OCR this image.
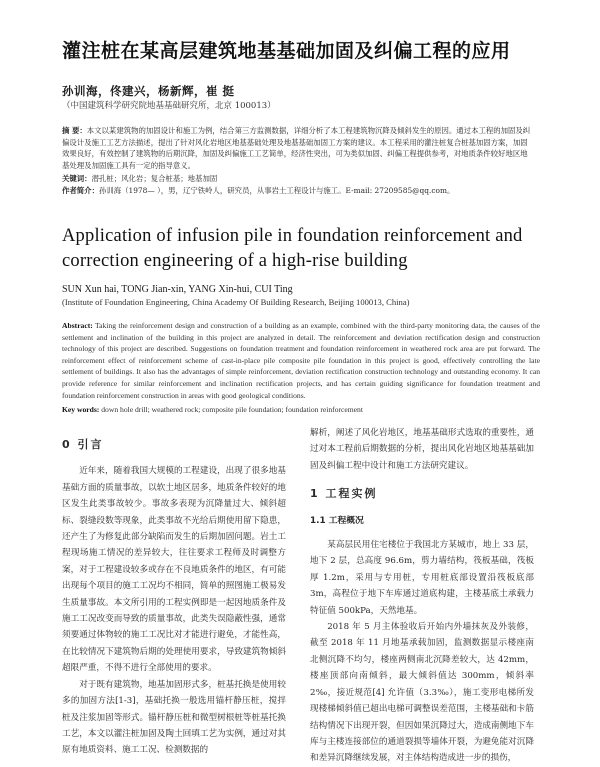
灌注桩在某高层建筑地基基础加固及纠偏工程的应用
孙训海，佟建兴，杨新辉，崔 挺
（中国建筑科学研究院地基基础研究所，北京 100013）
摘 要：本文以某建筑物的加固设计和施工为例，结合第三方监测数据，详细分析了本工程建筑物沉降及倾斜发生的原因。通过本工程的加固及纠偏设计及施工工艺方法描述，提出了针对风化岩地区地基基础处理及地基基础加固工方案的建议。本工程采用的灌注桩复合桩基加固方案，加固效果良好，有效控制了建筑物的后期沉降，加固及纠偏施工工艺简单，经济性突出，可为类似加固、纠偏工程提供参考，对地质条件较好地区地基处理及加固施工具有一定的指导意义。
关键词：潜孔桩；风化岩；复合桩基；地基加固
作者简介：孙训海（1978— ），男，辽宁铁岭人，研究员，从事岩土工程设计与施工。E-mail: 27209585@qq.com。
Application of infusion pile in foundation reinforcement and correction engineering of a high-rise building
SUN Xun hai, TONG Jian-xin, YANG Xin-hui, CUI Ting
(Institute of Foundation Engineering, China Academy Of Building Research, Beijing 100013, China)
Abstract: Taking the reinforcement design and construction of a building as an example, combined with the third-party monitoring data, the causes of the settlement and inclination of the building in this project are analyzed in detail. The reinforcement and deviation rectification design and construction technology of this project are described. Suggestions on foundation treatment and foundation reinforcement in weathered rock area are put forward. The reinforcement effect of reinforcement scheme of cast-in-place pile composite pile foundation in this project is good, effectively controlling the late settlement of buildings. It also has the advantages of simple reinforcement, deviation rectification construction technology and outstanding economy. It can provide reference for similar reinforcement and inclination rectification projects, and has certain guiding significance for foundation treatment and foundation reinforcement construction in areas with good geological conditions.
Key words: down hole drill; weathered rock; composite pile foundation; foundation reinforcement
0 引言

近年来，随着我国大规模的工程建设，出现了很多地基基础方面的质量事故，以软土地区居多，地质条件较好的地区发生此类事故较少。事故多表现为沉降量过大、倾斜超标、裂缝段数等现象，此类事故不光给后期使用留下隐患，还产生了为修复此部分缺陷而发生的后期加固问题。岩土工程现场施工情况的差异较大，往往要求工程师及时调整方案，对于工程建设较多或存在不良地质条件的地区，有可能出现每个项目的施工工况均不相同，简单的照图施工极易发生质量事故。本文所引用的工程实例即是一起因地质条件及施工工况改变而导致的质量事故，此类失误隐蔽性强，通常须要通过体物较的施工工况比对才能进行避免，才能性高，在比较情况下建筑物后期的处理使用要求，导致建筑物倾斜超限严重，不得不进行全部使用的要求。

对于既有建筑物，地基加固形式多，桩基托换是使用较多的加固方法[1-3]，基础托换一般选用锚杆静压桩，搅拌桩及注浆加固等形式。锚杆静压桩和微型树根桩等桩基托换工艺，本文以灌注桩加固及陶土回填工艺为实例，通过对其原有地质资料、施工工况、检测数据的

解析，阐述了风化岩地区，地基基础形式选取的重要性，通过对本工程前后期数据的分析，提出风化岩地区地基基础加固及纠偏工程中设计和施工方法研究建议。

1 工程实例
1.1 工程概况

某高层民用住宅楼位于我国北方某城市，地上 33 层，地下 2 层，总高度 96.6m，剪力墙结构，筏板基础，筏板厚 1.2m，采用与专用桩，专用桩底部设置沿筏板底部 3m，高程位于地下车库通过道底构建，主楼基底土承载力特征值 500kPa，天然地基。

2018 年 5 月主体验收后开始内外墙抹灰及外装修，截至 2018 年 11 月地基承载加固，监测数据显示楼座南北侧沉降不均匀，楼座两侧南北沉降差较大，达 42mm，楼座顶部向南倾斜，最大倾斜值达 300mm，倾斜率 2‰，接近规范[4] 允许值（3.3‰），施工变形电梯所发现楼梯倾斜值已超出电梯可调整误差范围，主楼基础和卡筋结构情况下出现开裂，但因如果沉降过大，造成南侧地下车库与主楼连接部位的通道裂损等墙体开裂，为避免能对沉降和差异沉降继续发展，对主体结构造成进一步的损伤，
